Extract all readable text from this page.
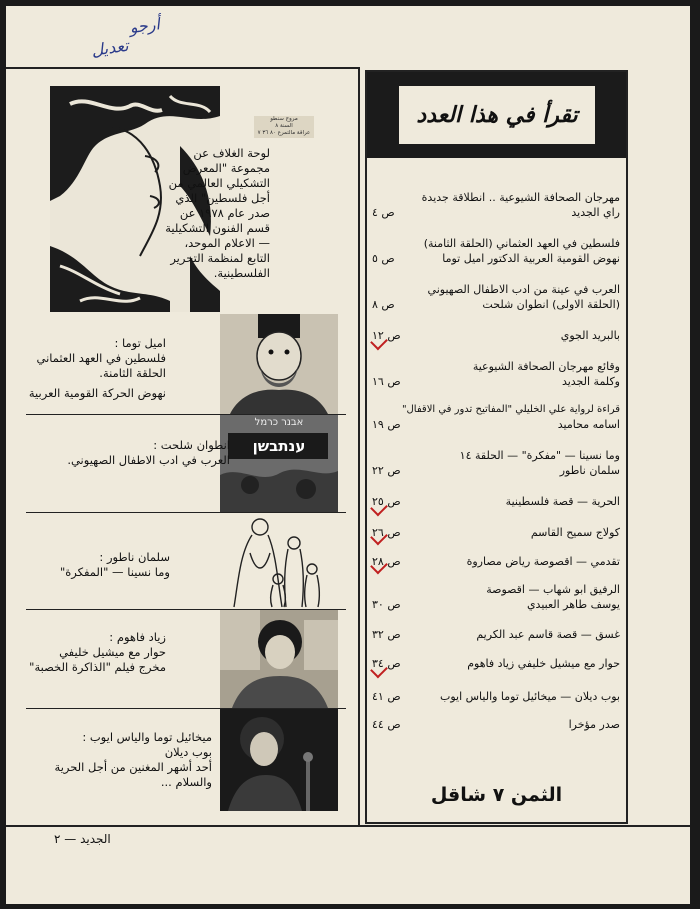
أرجو
تعديل
تقرأ في هذا العدد
مهرجان الصحافة الشيوعية .. انطلاقة جديدة
راي الجديد
ص ٤
فلسطين في العهد العثماني (الحلقة الثامنة)
نهوض القومية العربية الدكتور اميل توما
ص ٥
العرب في عينة من ادب الاطفال الصهيوني
(الحلقة الاولى) انطوان شلحت
ص ٨
بالبريد الجوي
ص ١٢
وقائع مهرجان الصحافة الشيوعية
وكلمة الجديد
ص ١٦
قراءة لرواية علي الخليلي "المفاتيح تدور في الاقفال"
اسامه محاميد
ص ١٩
وما نسينا — "مفكرة" — الحلقة ١٤
سلمان ناطور
ص ٢٢
الحرية — قصة فلسطينية
ص ٢٥
كولاج سميح القاسم
ص ٢٦
تقدمي — اقصوصة رياض مصاروة
ص ٢٨
الرفيق ابو شهاب — اقصوصة
يوسف طاهر العبيدي
ص ٣٠
غسق — قصة قاسم عبد الكريم
ص ٣٢
حوار مع ميشيل خليفي زياد فاهوم
ص ٣٤
بوب ديلان — ميخائيل توما والياس ايوب
ص ٤١
صدر مؤخرا
ص ٤٤
الثمن ٧ شاقل
مروج سنطو
السنة ٨
عراقة مالتمرع ٨٠ ٣٦ ٧
لوحة الغلاف عن
مجموعة "المعرض
التشكيلي العالمي من
أجل فلسطين" الذي
صدر عام ١٩٧٨ عن
قسم الفنون التشكيلية
— الاعلام الموحد،
التابع لمنظمة التحرير
الفلسطينية.
اميل توما :
فلسطين في العهد العثماني
الحلقة الثامنة.
نهوض الحركة القومية العربية
אבנר כרמל
ענתבשן
انطوان شلحت :
العرب في ادب الاطفال الصهيوني.
سلمان ناطور :
وما نسينا — "المفكرة"
زياد فاهوم :
حوار مع ميشيل خليفي
مخرج فيلم "الذاكرة الخصبة"
ميخائيل توما والياس ايوب :
بوب ديلان
أحد أشهر المغنين من أجل الحرية
والسلام ...
الجديد — ٢
